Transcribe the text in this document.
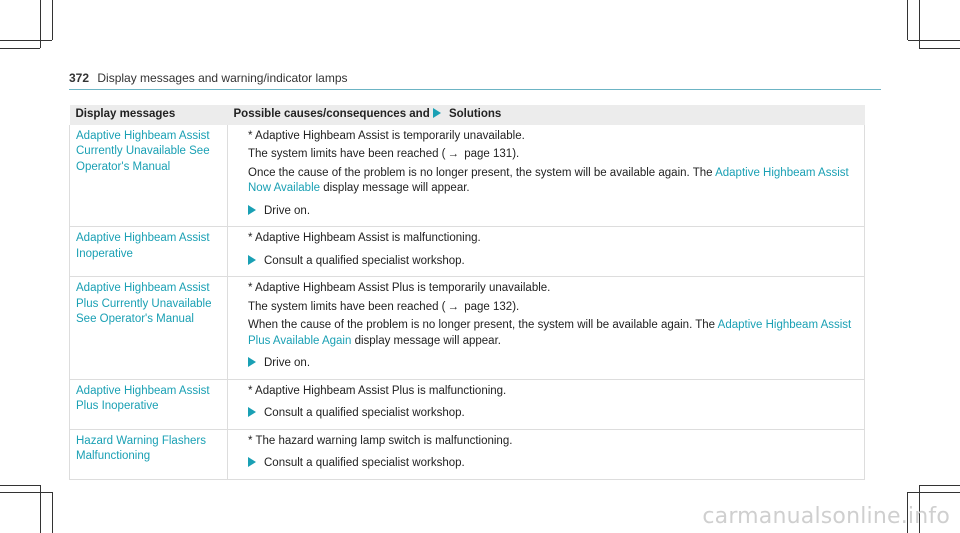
372 Display messages and warning/indicator lamps
Display messages	Possible causes/consequences and Solutions
Adaptive Highbeam Assist Currently Unavailable See Operator's Manual	* Adaptive Highbeam Assist is temporarily unavailable.
The system limits have been reached ( → page 131).
Once the cause of the problem is no longer present, the system will be available again. The Adaptive Highbeam Assist Now Available display message will appear.
Drive on.

Adaptive Highbeam Assist Inoperative	* Adaptive Highbeam Assist is malfunctioning.
Consult a qualified specialist workshop.

Adaptive Highbeam Assist Plus Currently Unavailable See Operator's Manual	* Adaptive Highbeam Assist Plus is temporarily unavailable.
The system limits have been reached ( → page 132).
When the cause of the problem is no longer present, the system will be available again. The Adaptive Highbeam Assist Plus Available Again display message will appear.
Drive on.

Adaptive Highbeam Assist Plus Inoperative	* Adaptive Highbeam Assist Plus is malfunctioning.
Consult a qualified specialist workshop.

Hazard Warning Flashers Malfunctioning	* The hazard warning lamp switch is malfunctioning.
Consult a qualified specialist workshop.
carmanualsonline.info
